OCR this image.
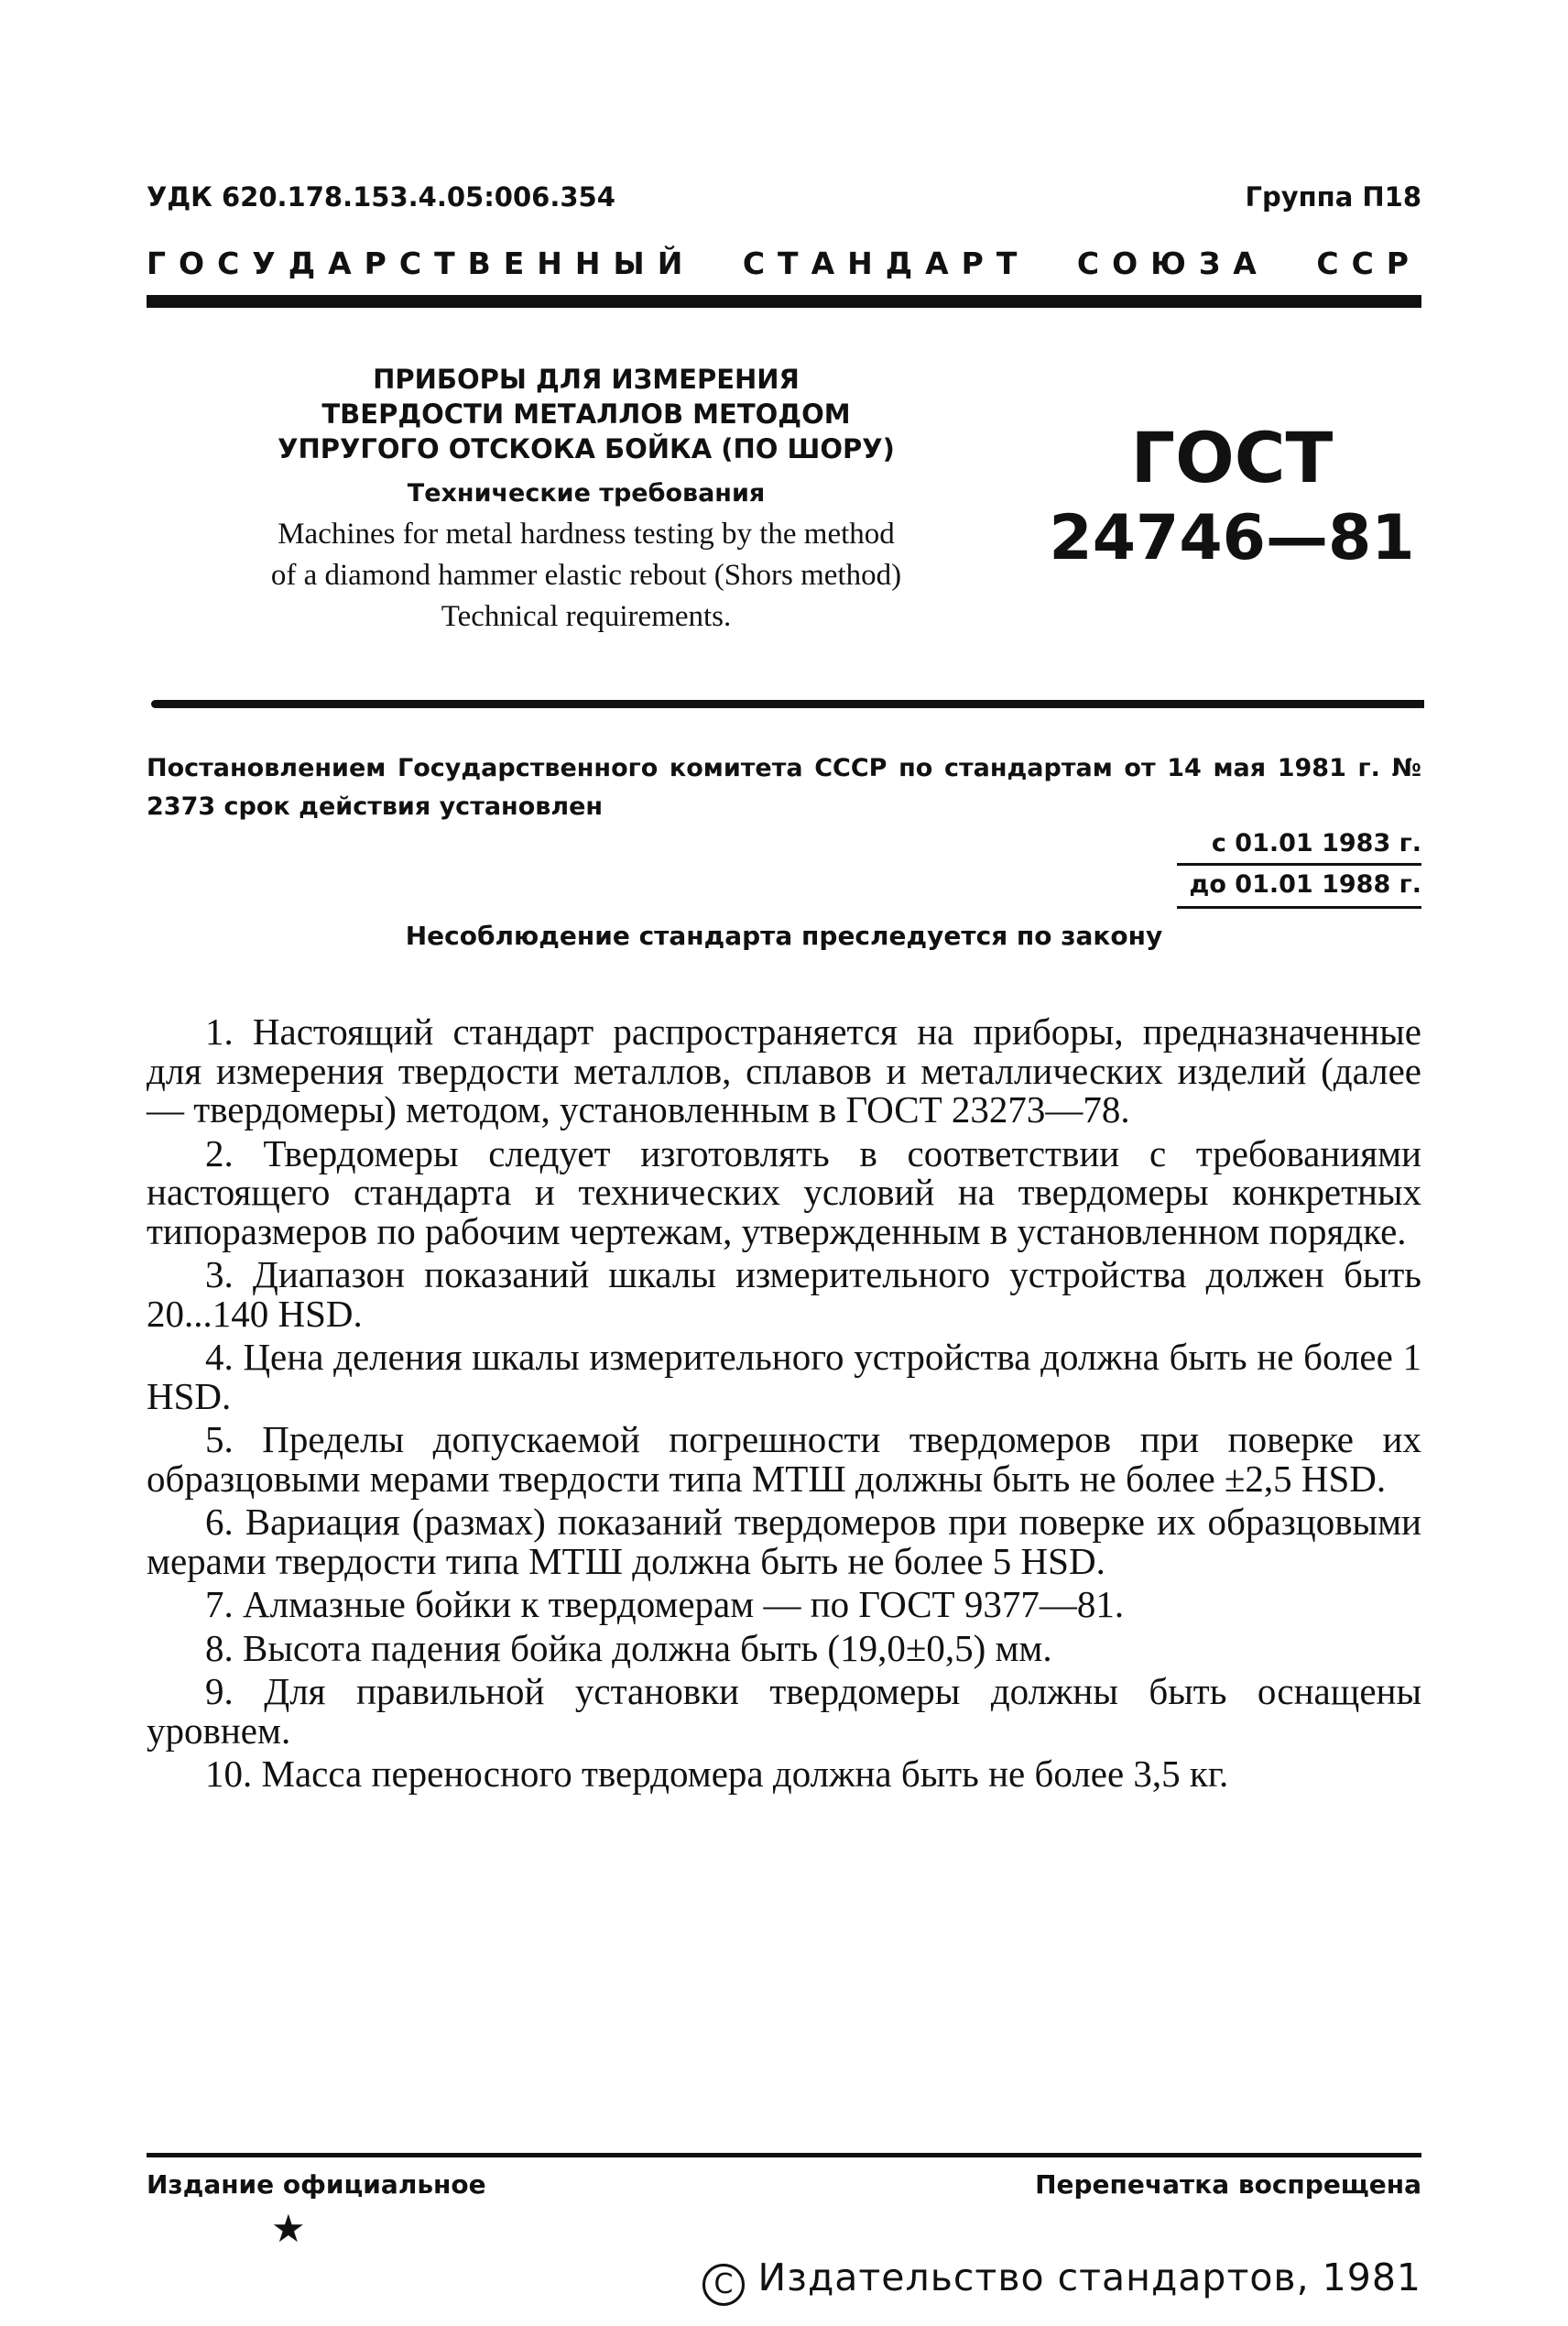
УДК 620.178.153.4.05:006.354	Группа П18
ГОСУДАРСТВЕННЫЙ СТАНДАРТ СОЮЗА ССР
ПРИБОРЫ ДЛЯ ИЗМЕРЕНИЯ
ТВЕРДОСТИ МЕТАЛЛОВ МЕТОДОМ
УПРУГОГО ОТСКОКА БОЙКА (ПО ШОРУ)
Технические требования
Machines for metal hardness testing by the method
of a diamond hammer elastic rebout (Shors method)
Technical requirements.
ГОСТ
24746—81
Постановлением Государственного комитета СССР по стандартам от 14 мая 1981 г. № 2373 срок действия установлен
с 01.01 1983 г.
до 01.01 1988 г.
Несоблюдение стандарта преследуется по закону

1. Настоящий стандарт распространяется на приборы, предназначенные для измерения твердости металлов, сплавов и металлических изделий (далее — твердомеры) методом, установленным в ГОСТ 23273—78.

2. Твердомеры следует изготовлять в соответствии с требованиями настоящего стандарта и технических условий на твердомеры конкретных типоразмеров по рабочим чертежам, утвержденным в установленном порядке.

3. Диапазон показаний шкалы измерительного устройства должен быть 20...140 HSD.

4. Цена деления шкалы измерительного устройства должна быть не более 1 HSD.

5. Пределы допускаемой погрешности твердомеров при поверке их образцовыми мерами твердости типа МТШ должны быть не более ±2,5 HSD.

6. Вариация (размах) показаний твердомеров при поверке их образцовыми мерами твердости типа МТШ должна быть не более 5 HSD.

7. Алмазные бойки к твердомерам — по ГОСТ 9377—81.

8. Высота падения бойка должна быть (19,0±0,5) мм.

9. Для правильной установки твердомеры должны быть оснащены уровнем.

10. Масса переносного твердомера должна быть не более 3,5 кг.

Издание официальное	Перепечатка воспрещена
★
C Издательство стандартов, 1981
